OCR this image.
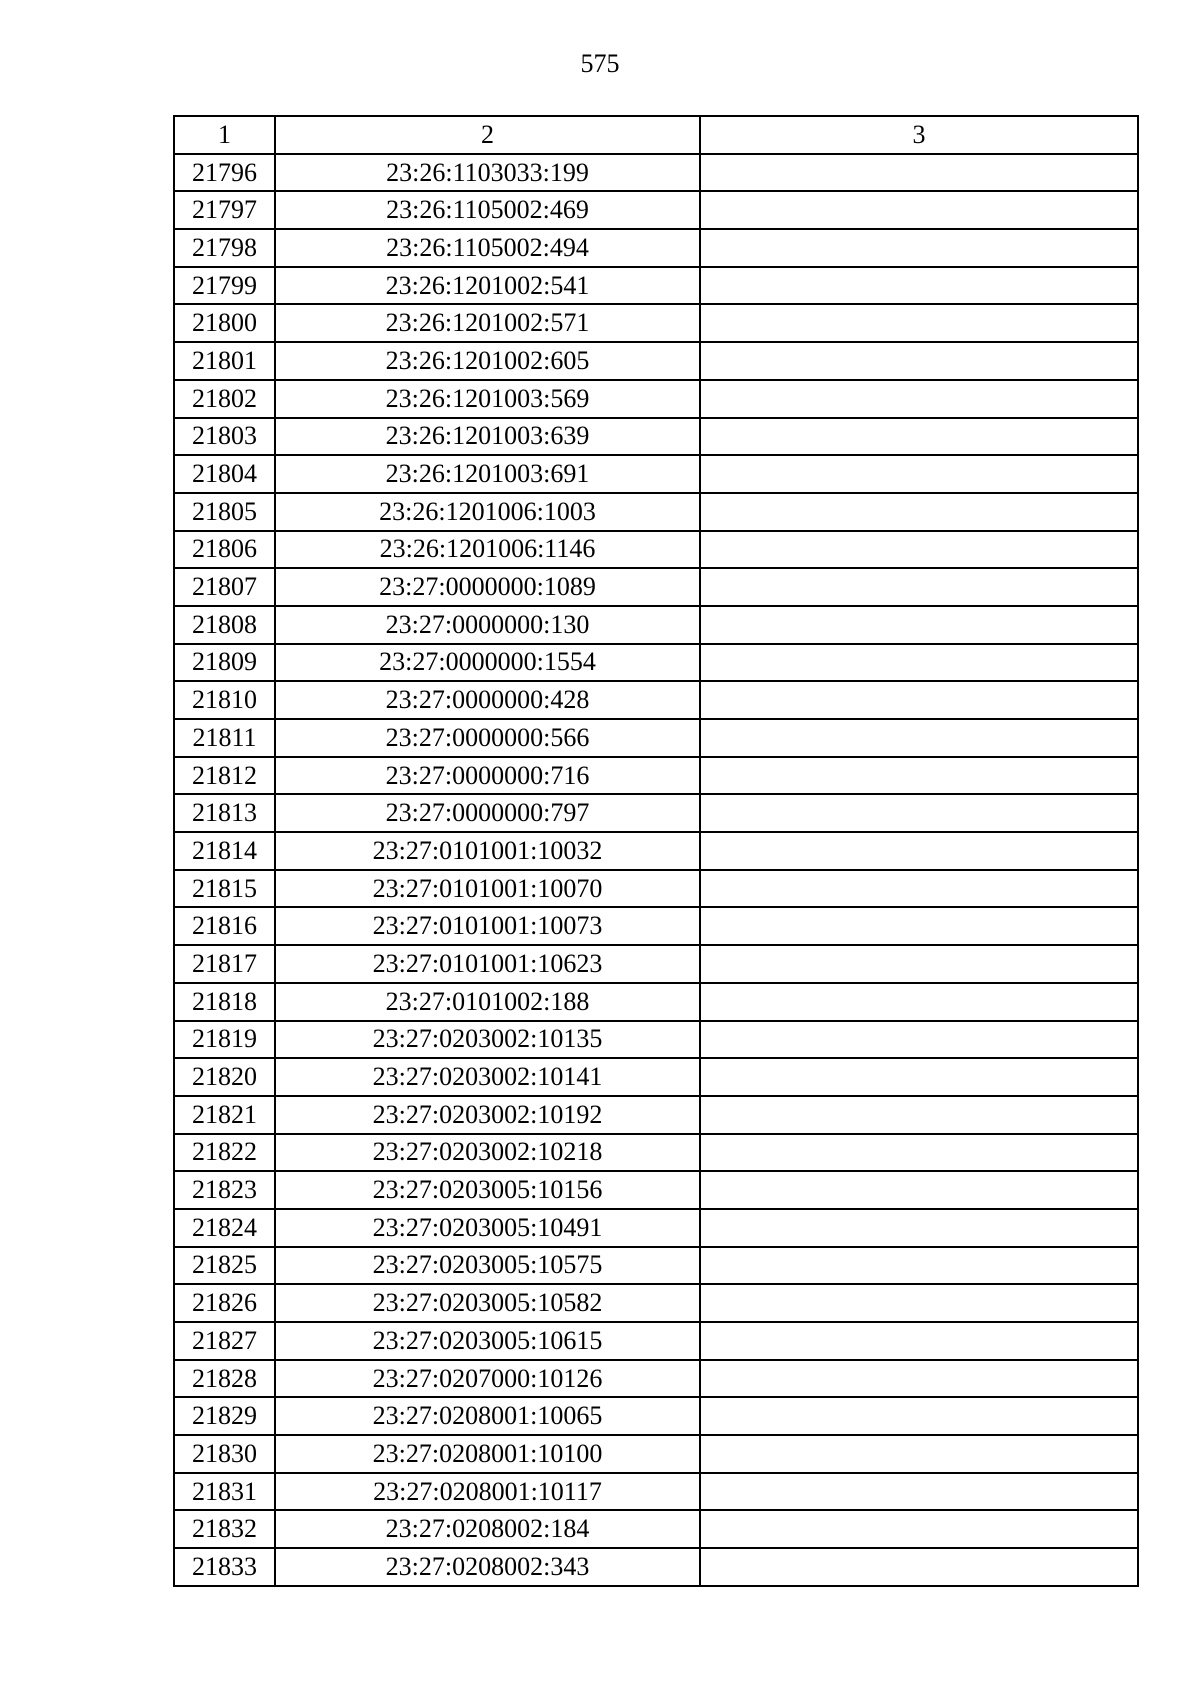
575
1	2	3
21796	23:26:1103033:199	
21797	23:26:1105002:469	
21798	23:26:1105002:494	
21799	23:26:1201002:541	
21800	23:26:1201002:571	
21801	23:26:1201002:605	
21802	23:26:1201003:569	
21803	23:26:1201003:639	
21804	23:26:1201003:691	
21805	23:26:1201006:1003	
21806	23:26:1201006:1146	
21807	23:27:0000000:1089	
21808	23:27:0000000:130	
21809	23:27:0000000:1554	
21810	23:27:0000000:428	
21811	23:27:0000000:566	
21812	23:27:0000000:716	
21813	23:27:0000000:797	
21814	23:27:0101001:10032	
21815	23:27:0101001:10070	
21816	23:27:0101001:10073	
21817	23:27:0101001:10623	
21818	23:27:0101002:188	
21819	23:27:0203002:10135	
21820	23:27:0203002:10141	
21821	23:27:0203002:10192	
21822	23:27:0203002:10218	
21823	23:27:0203005:10156	
21824	23:27:0203005:10491	
21825	23:27:0203005:10575	
21826	23:27:0203005:10582	
21827	23:27:0203005:10615	
21828	23:27:0207000:10126	
21829	23:27:0208001:10065	
21830	23:27:0208001:10100	
21831	23:27:0208001:10117	
21832	23:27:0208002:184	
21833	23:27:0208002:343	
